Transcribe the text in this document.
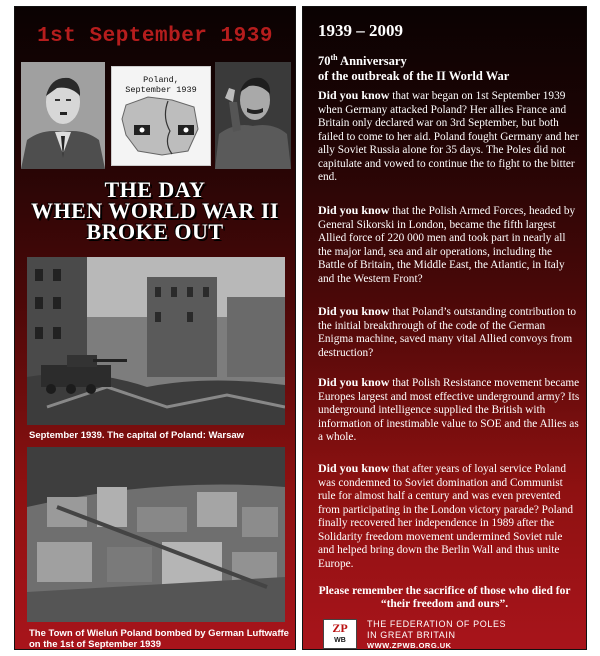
1st September 1939
Poland,
September 1939
THE DAY
WHEN WORLD WAR II
BROKE OUT
September 1939. The capital of Poland: Warsaw
The Town of Wieluń Poland bombed by German Luftwaffe
on the 1st of September 1939
1939 – 2009
70th Anniversary
of the outbreak of the II World War
Did you know that war began on 1st September 1939 when Germany attacked Poland? Her allies France and Britain only declared war on 3rd September, but both failed to come to her aid. Poland fought Germany and her ally Soviet Russia alone for 35 days. The Poles did not capitulate and vowed to continue the to fight to the bitter end.
Did you know that the Polish Armed Forces, headed by General Sikorski in London, became the fifth largest Allied force of 220 000 men and took part in nearly all the major land, sea and air operations, including the Battle of Britain, the Middle East, the Atlantic, in Italy and the Western Front?
Did you know that Poland’s outstanding contribution to the initial breakthrough of the code of the German Enigma machine, saved many vital Allied convoys from destruction?
Did you know that Polish Resistance movement became Europes largest and most effective underground army? Its underground intelligence supplied the British with information of inestimable value to SOE and the Allies as a whole.
Did you know that after years of loyal service Poland was condemned to Soviet domination and Communist rule for almost half a century and was even prevented from participating in the London victory parade? Poland finally recovered her independence in 1989 after the Solidarity freedom movement undermined Soviet rule and helped bring down the Berlin Wall and thus unite Europe.
Please remember the sacrifice of those who died for
“their freedom and ours”.
ZP
WB
THE FEDERATION OF POLES
IN GREAT BRITAIN
WWW.ZPWB.ORG.UK
